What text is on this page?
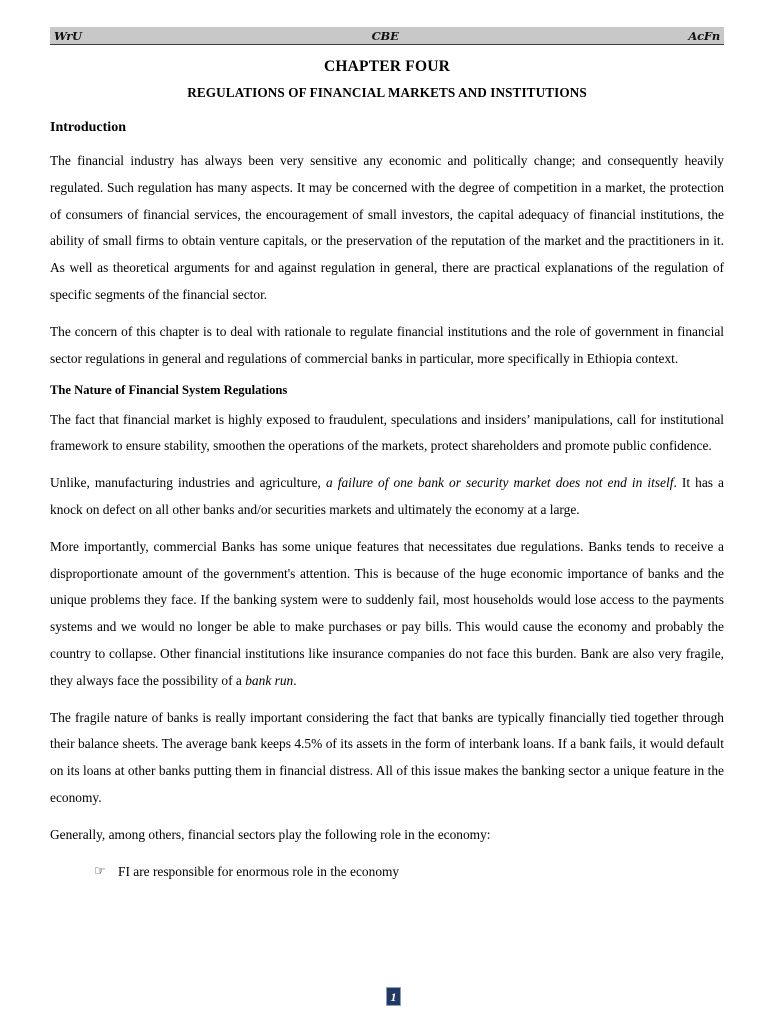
WrU	CBE	AcFn
CHAPTER FOUR
REGULATIONS OF FINANCIAL MARKETS AND INSTITUTIONS
Introduction

The financial industry has always been very sensitive any economic and politically change; and consequently heavily regulated. Such regulation has many aspects. It may be concerned with the degree of competition in a market, the protection of consumers of financial services, the encouragement of small investors, the capital adequacy of financial institutions, the ability of small firms to obtain venture capitals, or the preservation of the reputation of the market and the practitioners in it. As well as theoretical arguments for and against regulation in general, there are practical explanations of the regulation of specific segments of the financial sector.

The concern of this chapter is to deal with rationale to regulate financial institutions and the role of government in financial sector regulations in general and regulations of commercial banks in particular, more specifically in Ethiopia context.

The Nature of Financial System Regulations

The fact that financial market is highly exposed to fraudulent, speculations and insiders’ manipulations, call for institutional framework to ensure stability, smoothen the operations of the markets, protect shareholders and promote public confidence.

Unlike, manufacturing industries and agriculture, a failure of one bank or security market does not end in itself. It has a knock on defect on all other banks and/or securities markets and ultimately the economy at a large.

More importantly, commercial Banks has some unique features that necessitates due regulations. Banks tends to receive a disproportionate amount of the government's attention. This is because of the huge economic importance of banks and the unique problems they face. If the banking system were to suddenly fail, most households would lose access to the payments systems and we would no longer be able to make purchases or pay bills. This would cause the economy and probably the country to collapse. Other financial institutions like insurance companies do not face this burden. Bank are also very fragile, they always face the possibility of a bank run.

The fragile nature of banks is really important considering the fact that banks are typically financially tied together through their balance sheets. The average bank keeps 4.5% of its assets in the form of interbank loans. If a bank fails, it would default on its loans at other banks putting them in financial distress. All of this issue makes the banking sector a unique feature in the economy.

Generally, among others, financial sectors play the following role in the economy:

☞ FI are responsible for enormous role in the economy
1
